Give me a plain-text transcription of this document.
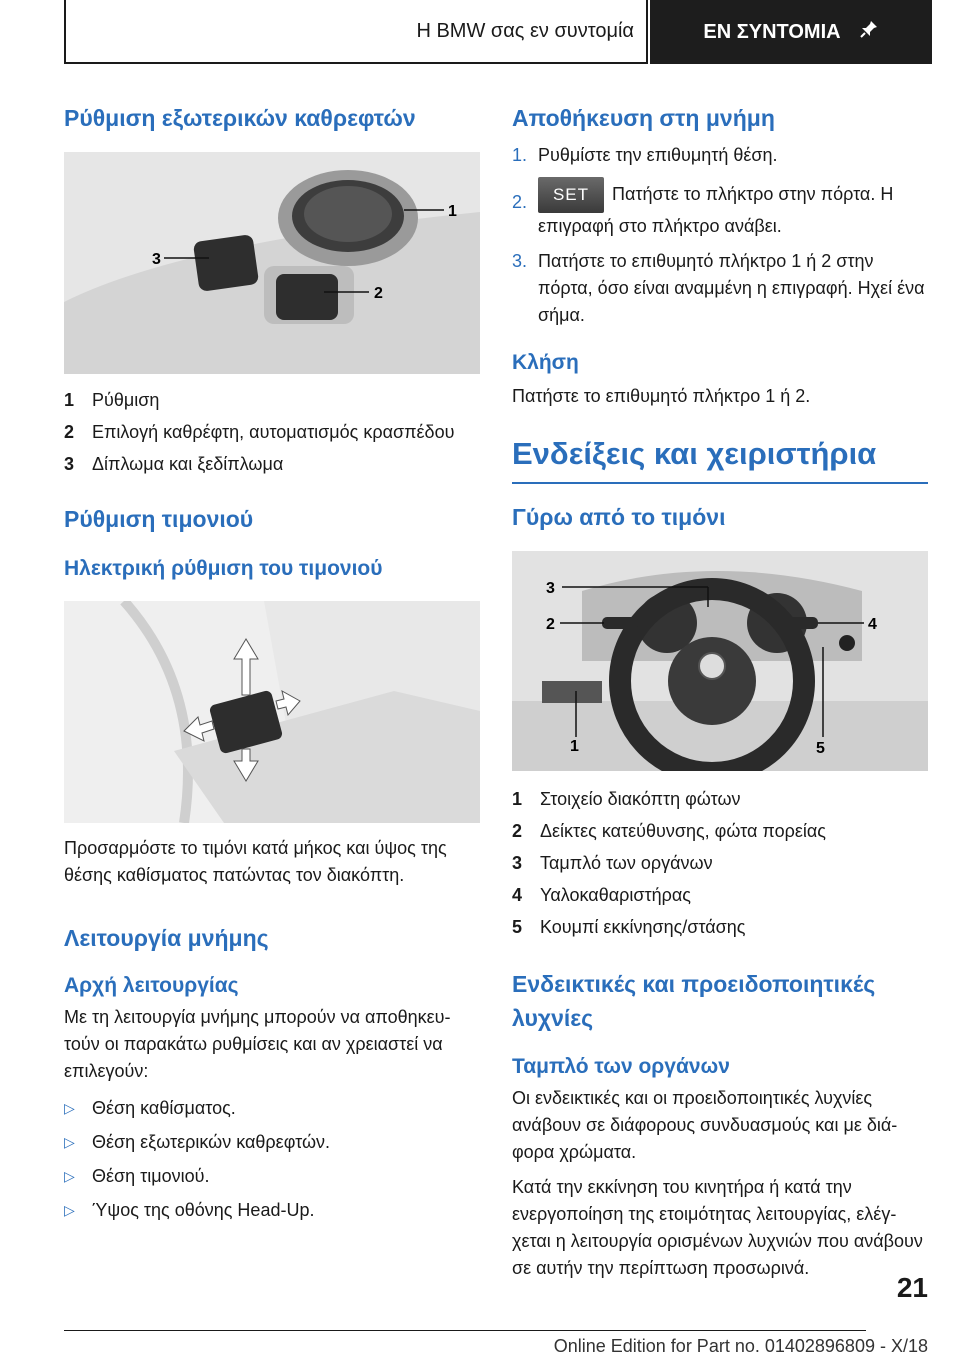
Η BMW σας εν συντομία	ΕΝ ΣΥΝΤΟΜΙΑ
Ρύθμιση εξωτερικών καθρεφτών
1
2
3
1 Ρύθμιση
2 Επιλογή καθρέφτη, αυτοματισμός κρασπέδου
3 Δίπλωμα και ξεδίπλωμα
Ρύθμιση τιμονιού
Ηλεκτρική ρύθμιση του τιμονιού

Προσαρμόστε το τιμόνι κατά μήκος και ύψος της θέσης καθίσματος πατώντας τον διακόπτη.

Λειτουργία μνήμης
Αρχή λειτουργίας

Με τη λειτουργία μνήμης μπορούν να αποθηκευτούν οι παρακάτω ρυθμίσεις και αν χρειαστεί να επιλεγούν:

▷ Θέση καθίσματος.
▷ Θέση εξωτερικών καθρεφτών.
▷ Θέση τιμονιού.
▷ Ύψος της οθόνης Head-Up.
Αποθήκευση στη μνήμη
1. Ρυθμίστε την επιθυμητή θέση.
2.	SET Πατήστε το πλήκτρο στην πόρτα. Η επιγραφή στο πλήκτρο ανάβει.
3. Πατήστε το επιθυμητό πλήκτρο 1 ή 2 στην πόρτα, όσο είναι αναμμένη η επιγραφή. Ηχεί ένα σήμα.
Κλήση

Πατήστε το επιθυμητό πλήκτρο 1 ή 2.

Ενδείξεις και χειριστήρια
Γύρω από το τιμόνι
1
2
3
4
5
1 Στοιχείο διακόπτη φώτων
2 Δείκτες κατεύθυνσης, φώτα πορείας
3 Ταμπλό των οργάνων
4 Υαλοκαθαριστήρας
5 Κουμπί εκκίνησης/στάσης
Ενδεικτικές και προειδοποιητικές λυχνίες
Ταμπλό των οργάνων

Οι ενδεικτικές και οι προειδοποιητικές λυχνίες ανάβουν σε διάφορους συνδυασμούς και με διάφορα χρώματα.

Κατά την εκκίνηση του κινητήρα ή κατά την ενεργοποίηση της ετοιμότητας λειτουργίας, ελέγχεται η λειτουργία ορισμένων λυχνιών που ανάβουν σε αυτήν την περίπτωση προσωρινά.

21
Online Edition for Part no. 01402896809 - X/18
